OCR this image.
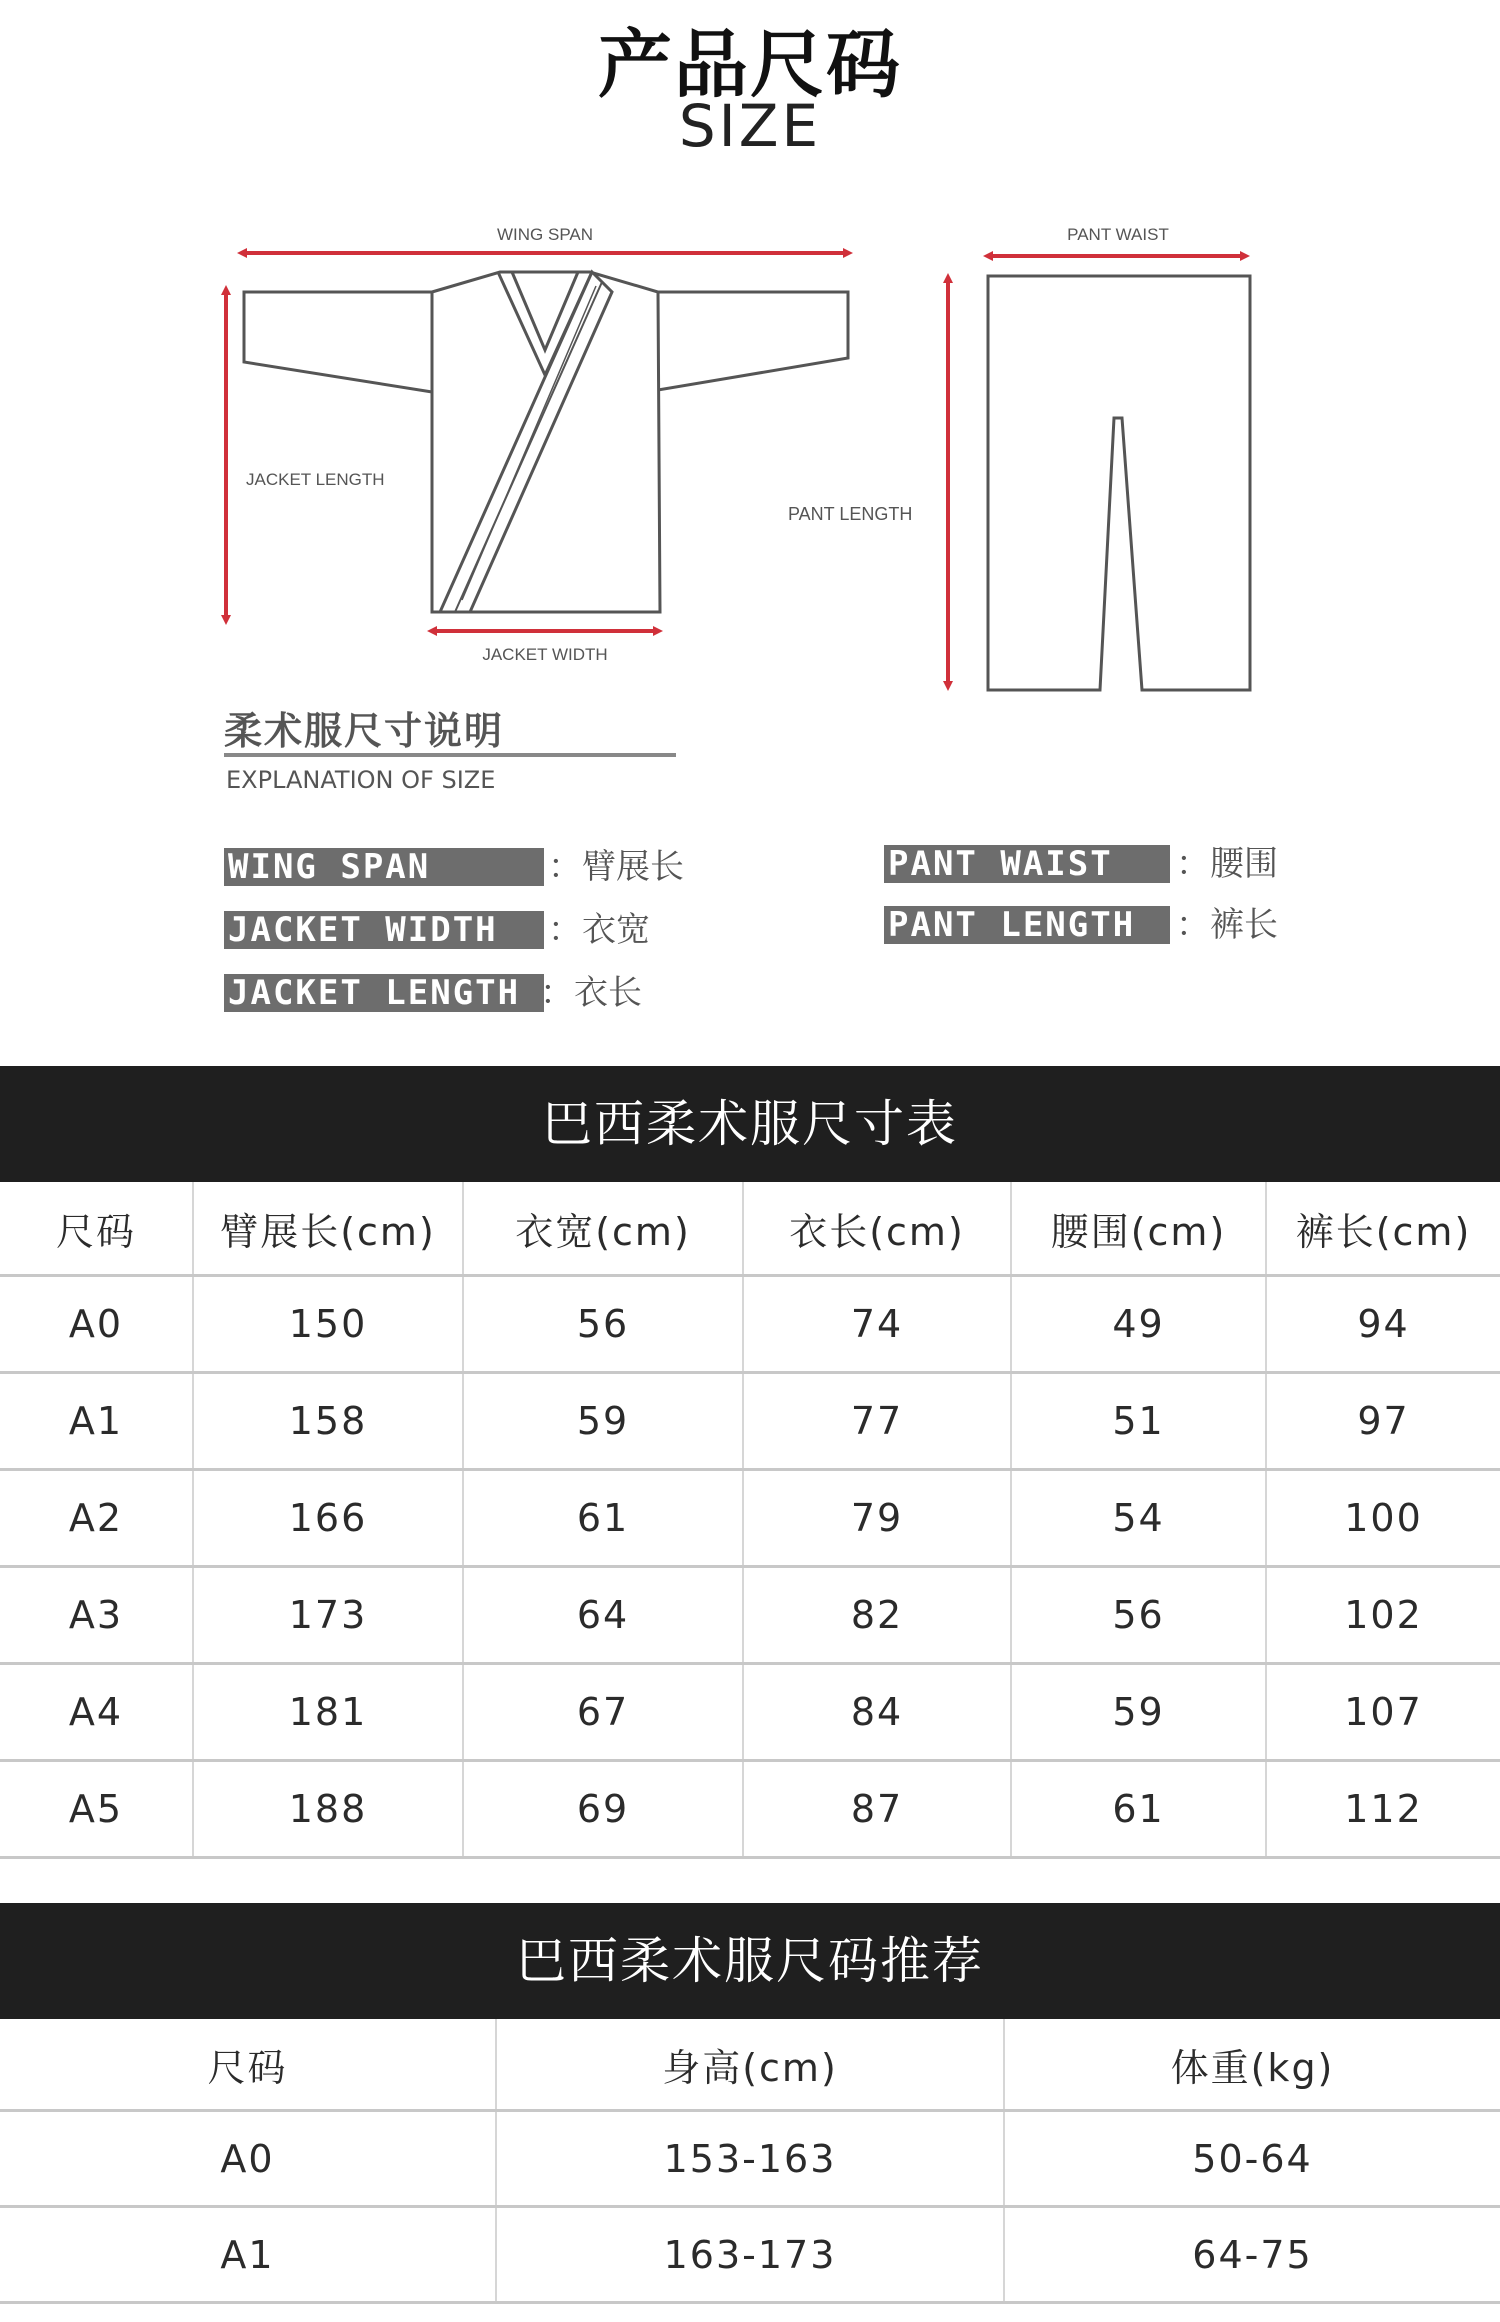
产品尺码
SIZE
WING SPAN
JACKET LENGTH
JACKET WIDTH
PANT WAIST
PANT LENGTH
柔术服尺寸说明
EXPLANATION OF SIZE
WING SPAN	：臂展长
JACKET WIDTH	：衣宽
JACKET LENGTH ：衣长
PANT WAIST	：腰围
PANT LENGTH	：裤长
巴西柔术服尺寸表
尺码	臂展长(cm)	衣宽(cm)	衣长(cm)	腰围(cm)	裤长(cm)
A0	150	56	74	49	94
A1	158	59	77	51	97
A2	166	61	79	54	100
A3	173	64	82	56	102
A4	181	67	84	59	107
A5	188	69	87	61	112
巴西柔术服尺码推荐
尺码	身高(cm)	体重(kg)
A0	153-163	50-64
A1	163-173	64-75
